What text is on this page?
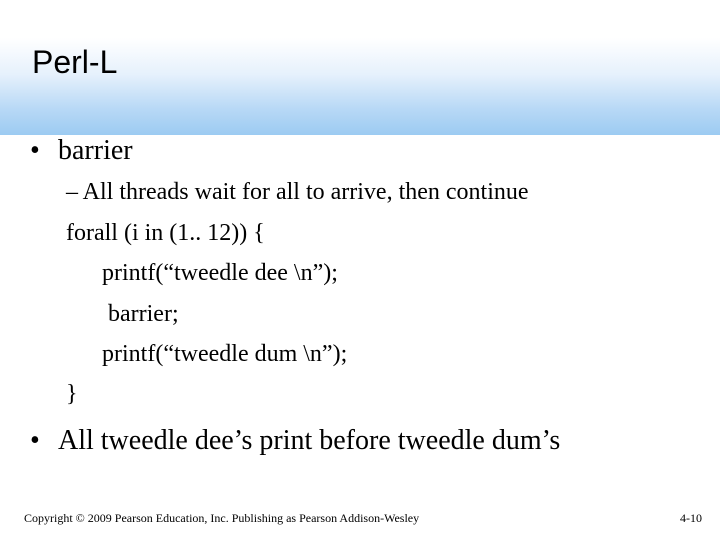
Perl-L
• barrier
– All threads wait for all to arrive, then continue
forall (i in (1.. 12)) {
printf(“tweedle dee \n”);
barrier;
printf(“tweedle dum \n”);
}
• All tweedle dee’s print before tweedle dum’s
Copyright © 2009 Pearson Education, Inc. Publishing as Pearson Addison-Wesley	4-10
